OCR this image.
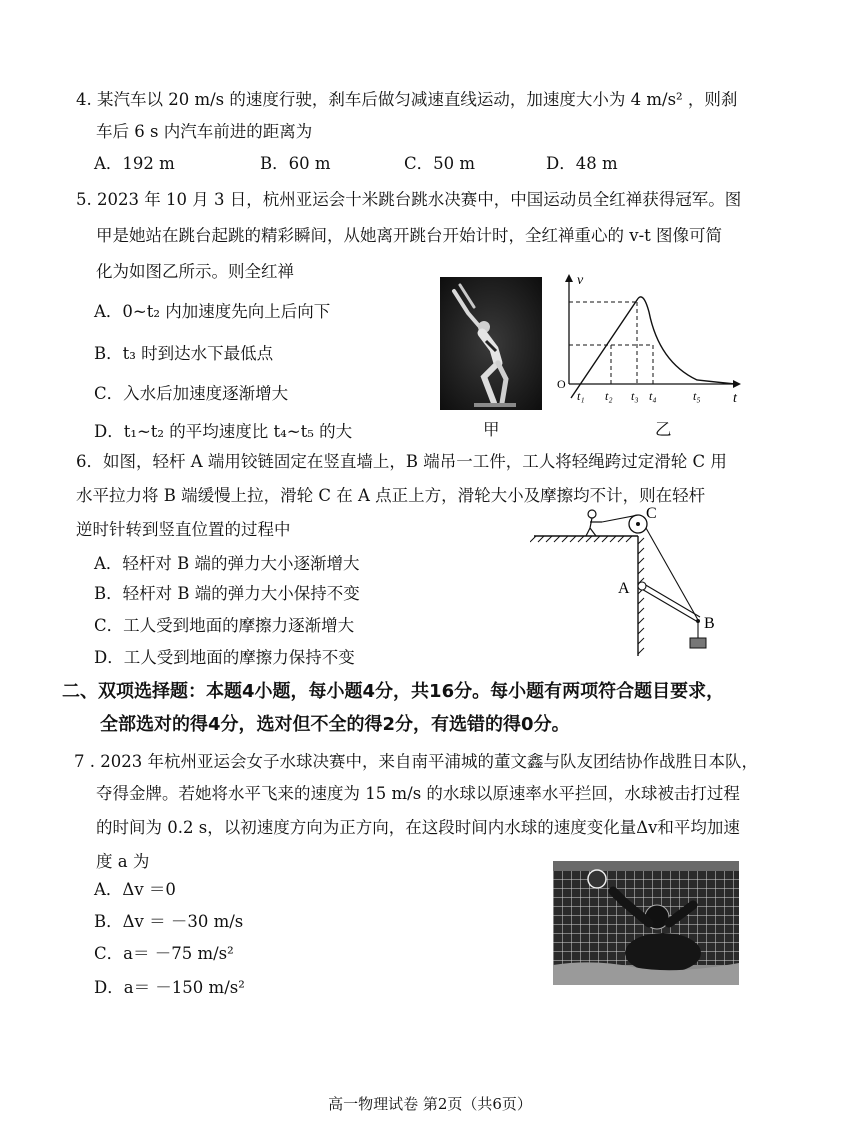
4. 某汽车以 20 m/s 的速度行驶，刹车后做匀减速直线运动，加速度大小为 4 m/s² ，则刹
车后 6 s 内汽车前进的距离为
A．192 m	B．60 m	C．50 m	D．48 m
5. 2023 年 10 月 3 日，杭州亚运会十米跳台跳水决赛中，中国运动员全红禅获得冠军。图
甲是她站在跳台起跳的精彩瞬间，从她离开跳台开始计时，全红禅重心的 v-t 图像可简
化为如图乙所示。则全红禅
A．0~t₂ 内加速度先向上后向下
B．t₃ 时到达水下最低点
C．入水后加速度逐渐增大
D．t₁~t₂ 的平均速度比 t₄~t₅ 的大	甲
v
t
O
t₁ t₂ t₃ t₄	t₅
乙
6．如图，轻杆 A 端用铰链固定在竖直墙上，B 端吊一工件，工人将轻绳跨过定滑轮 C 用
水平拉力将 B 端缓慢上拉，滑轮 C 在 A 点正上方，滑轮大小及摩擦均不计，则在轻杆
逆时针转到竖直位置的过程中
A．轻杆对 B 端的弹力大小逐渐增大
B．轻杆对 B 端的弹力大小保持不变
C．工人受到地面的摩擦力逐渐增大
D．工人受到地面的摩擦力保持不变
C
A
B
二、双项选择题：本题4小题，每小题4分，共16分。每小题有两项符合题目要求，
全部选对的得4分，选对但不全的得2分，有选错的得0分。
7 . 2023 年杭州亚运会女子水球决赛中，来自南平浦城的董文鑫与队友团结协作战胜日本队，
夺得金牌。若她将水平飞来的速度为 15 m/s 的水球以原速率水平拦回，水球被击打过程
的时间为 0.2 s，以初速度方向为正方向，在这段时间内水球的速度变化量Δv和平均加速
度 a 为
A．Δv ＝0
B．Δv ＝ －30 m/s
C．a＝ －75 m/s²
D．a＝ －150 m/s²
高一物理试卷 第2页（共6页）
